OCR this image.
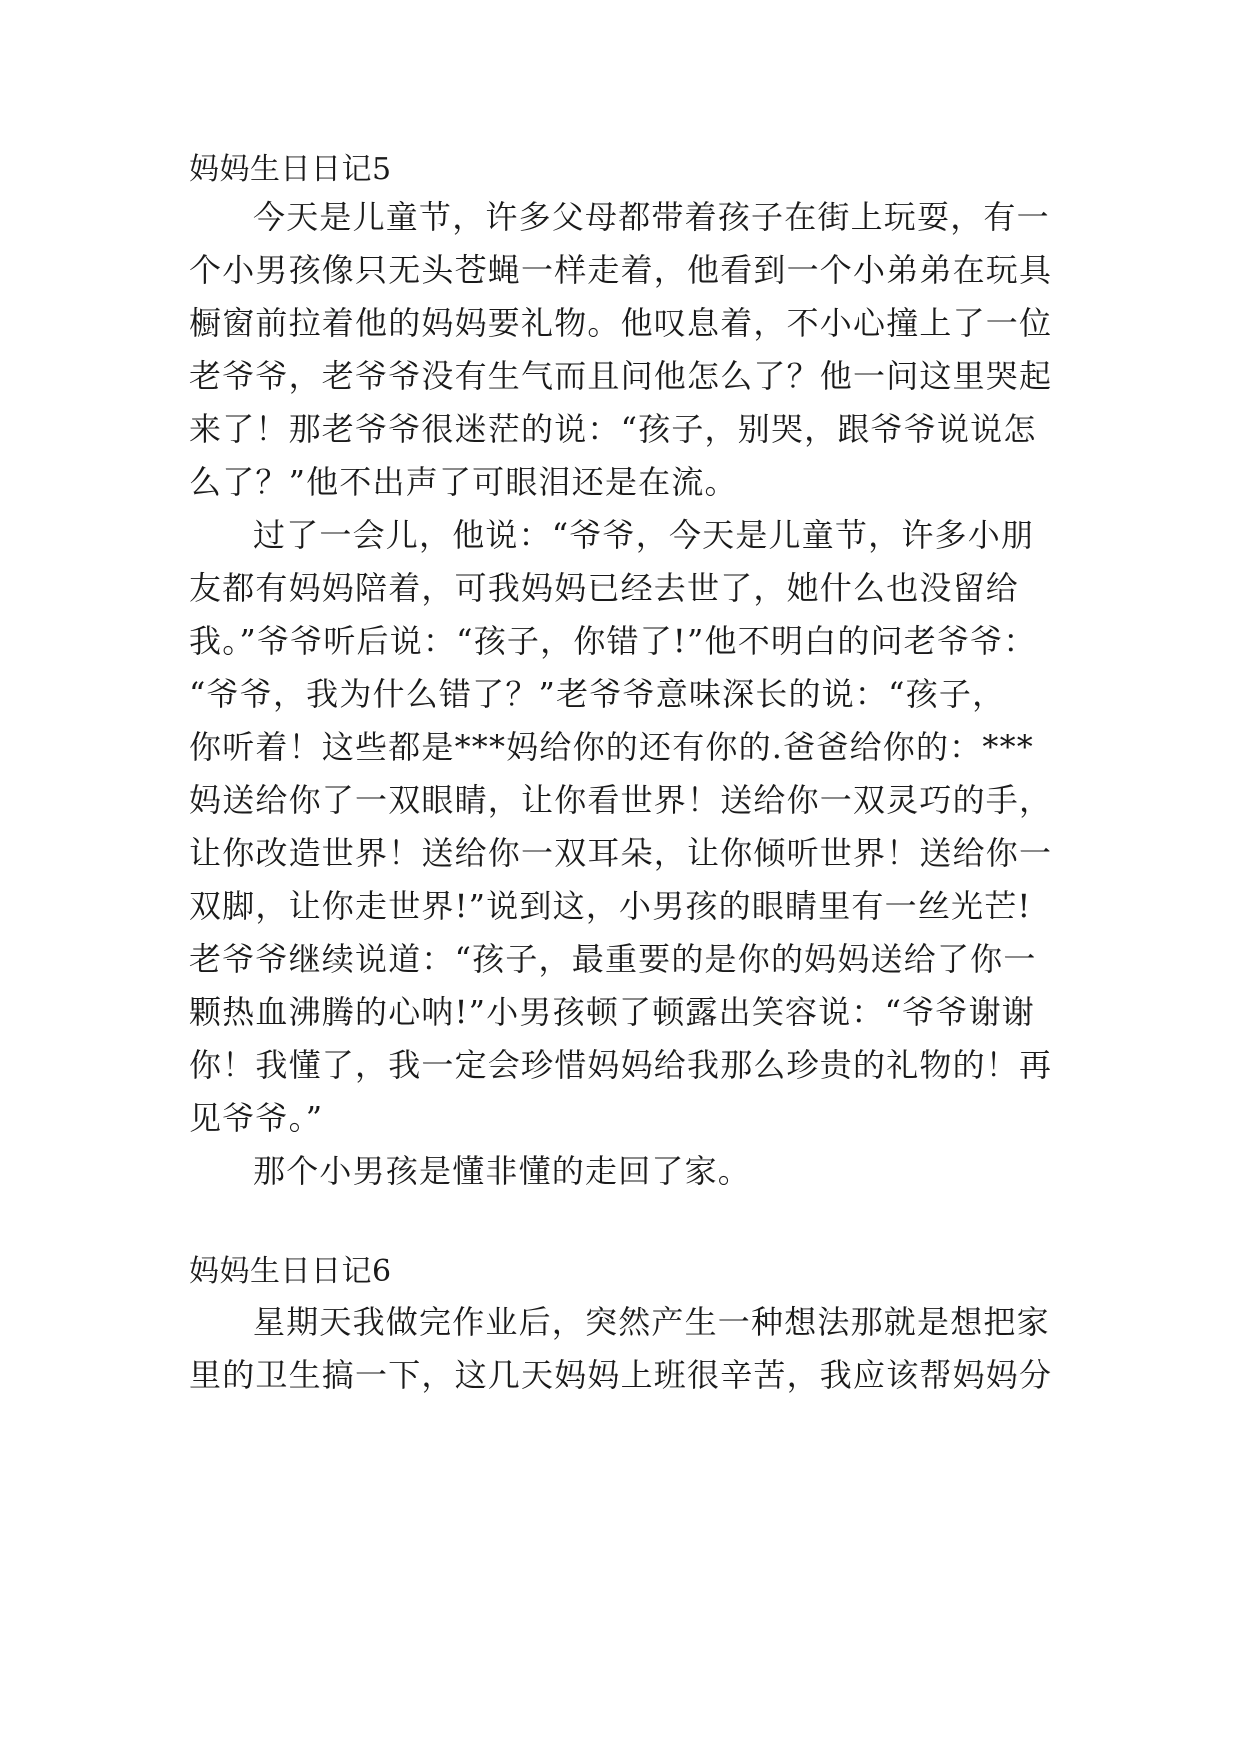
妈妈生日日记5
今天是儿童节，许多父母都带着孩子在街上玩耍，有一
个小男孩像只无头苍蝇一样走着，他看到一个小弟弟在玩具
橱窗前拉着他的妈妈要礼物。他叹息着，不小心撞上了一位
老爷爷，老爷爷没有生气而且问他怎么了？他一问这里哭起
来了！那老爷爷很迷茫的说：“孩子，别哭，跟爷爷说说怎
么了？”他不出声了可眼泪还是在流。
过了一会儿，他说：“爷爷，今天是儿童节，许多小朋
友都有妈妈陪着，可我妈妈已经去世了，她什么也没留给
我。”爷爷听后说：“孩子，你错了!”他不明白的问老爷爷：
“爷爷，我为什么错了？”老爷爷意味深长的说：“孩子，
你听着！这些都是***妈给你的还有你的.爸爸给你的：***
妈送给你了一双眼睛，让你看世界！送给你一双灵巧的手，
让你改造世界！送给你一双耳朵，让你倾听世界！送给你一
双脚，让你走世界!”说到这，小男孩的眼睛里有一丝光芒!
老爷爷继续说道：“孩子，最重要的是你的妈妈送给了你一
颗热血沸腾的心呐!”小男孩顿了顿露出笑容说：“爷爷谢谢
你！我懂了，我一定会珍惜妈妈给我那么珍贵的礼物的！再
见爷爷。”
那个小男孩是懂非懂的走回了家。
妈妈生日日记6
星期天我做完作业后，突然产生一种想法那就是想把家
里的卫生搞一下，这几天妈妈上班很辛苦，我应该帮妈妈分
